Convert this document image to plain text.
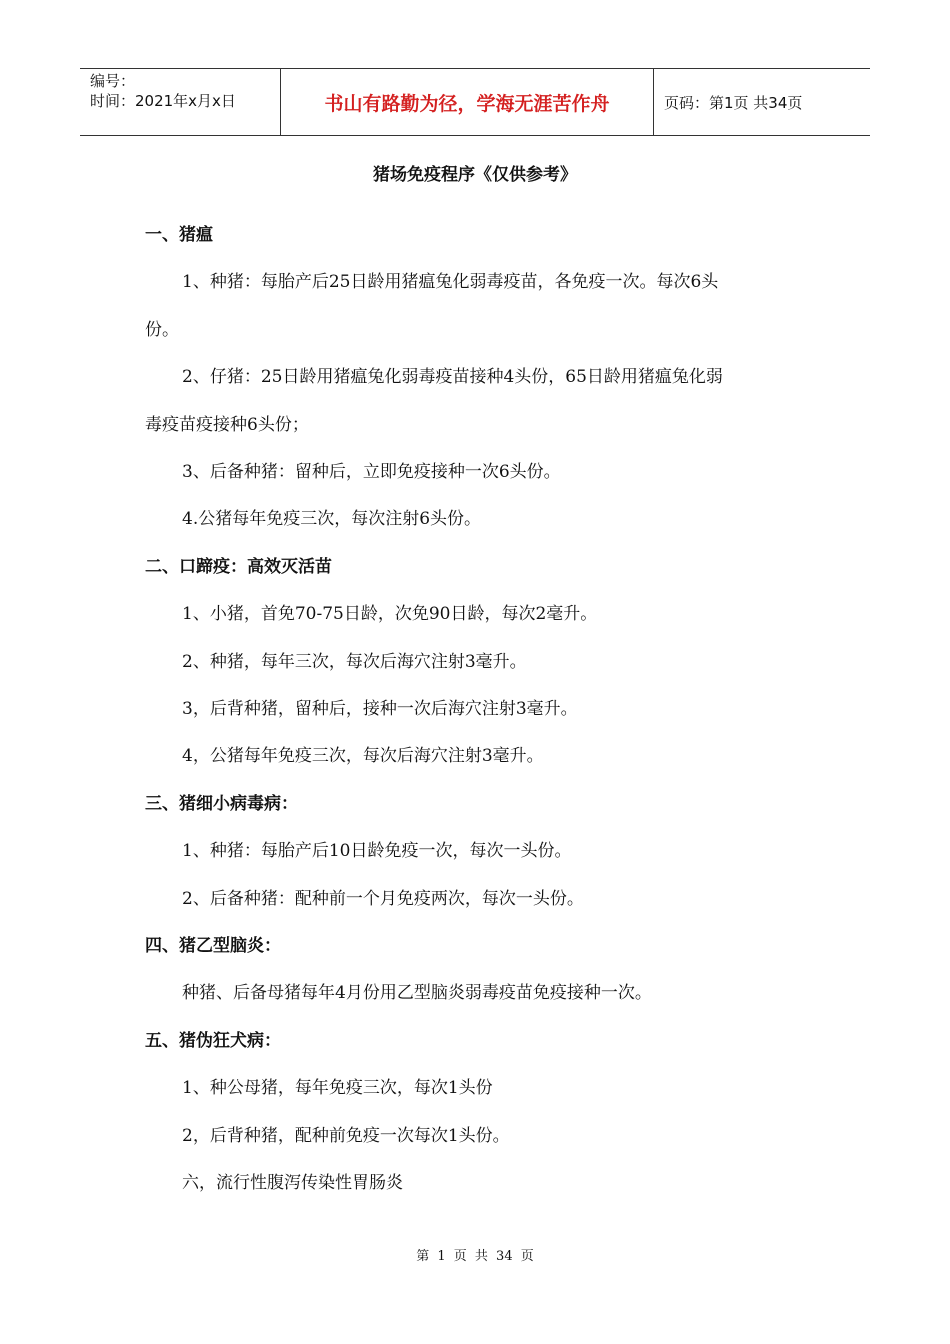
编号：
时间：2021年x月x日	书山有路勤为径，学海无涯苦作舟	页码：第1页 共34页
猪场免疫程序《仅供参考》
一、猪瘟
1、种猪：每胎产后25日龄用猪瘟兔化弱毒疫苗，各免疫一次。每次6头
份。
2、仔猪：25日龄用猪瘟兔化弱毒疫苗接种4头份，65日龄用猪瘟兔化弱
毒疫苗疫接种6头份；
3、后备种猪：留种后，立即免疫接种一次6头份。
4.公猪每年免疫三次，每次注射6头份。
二、口蹄疫：高效灭活苗
1、小猪，首免70-75日龄，次免90日龄，每次2毫升。
2、种猪，每年三次，每次后海穴注射3毫升。
3，后背种猪，留种后，接种一次后海穴注射3毫升。
4，公猪每年免疫三次，每次后海穴注射3毫升。
三、猪细小病毒病：
1、种猪：每胎产后10日龄免疫一次，每次一头份。
2、后备种猪：配种前一个月免疫两次，每次一头份。
四、猪乙型脑炎：
种猪、后备母猪每年4月份用乙型脑炎弱毒疫苗免疫接种一次。
五、猪伪狂犬病：
1、种公母猪，每年免疫三次，每次1头份
2，后背种猪，配种前免疫一次每次1头份。
六，流行性腹泻传染性胃肠炎
第 1 页 共 34 页
